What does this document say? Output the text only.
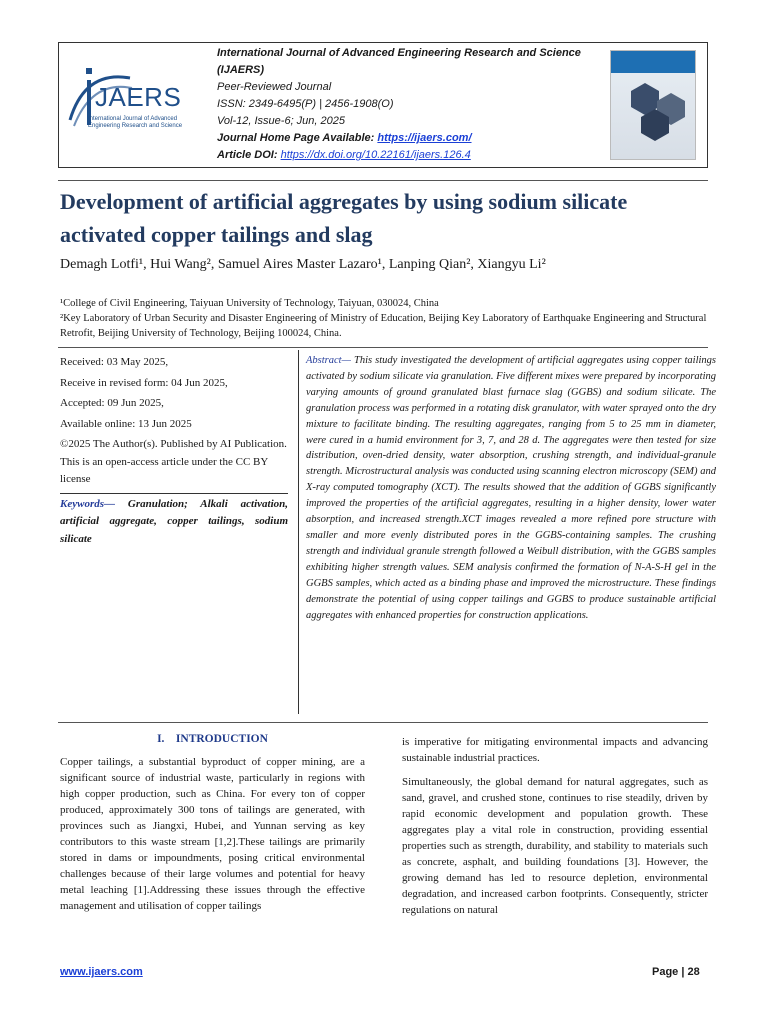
JAERS
International Journal of Advanced Engineering Research and Science
International Journal of Advanced Engineering Research and Science (IJAERS)
Peer-Reviewed Journal
ISSN: 2349-6495(P) | 2456-1908(O)
Vol-12, Issue-6; Jun, 2025
Journal Home Page Available: https://ijaers.com/
Article DOI: https://dx.doi.org/10.22161/ijaers.126.4
Development of artificial aggregates by using sodium silicate activated copper tailings and slag
Demagh Lotfi¹, Hui Wang², Samuel Aires Master Lazaro¹, Lanping Qian², Xiangyu Li²

¹College of Civil Engineering, Taiyuan University of Technology, Taiyuan, 030024, China

²Key Laboratory of Urban Security and Disaster Engineering of Ministry of Education, Beijing Key Laboratory of Earthquake Engineering and Structural Retrofit, Beijing University of Technology, Beijing 100024, China.

Received: 03 May 2025,

Receive in revised form: 04 Jun 2025,

Accepted: 09 Jun 2025,

Available online: 13 Jun 2025

©2025 The Author(s). Published by AI Publication. This is an open-access article under the CC BY license

Keywords— Granulation; Alkali activation, artificial aggregate, copper tailings, sodium silicate

Abstract— This study investigated the development of artificial aggregates using copper tailings activated by sodium silicate via granulation. Five different mixes were prepared by incorporating varying amounts of ground granulated blast furnace slag (GGBS) and sodium silicate. The granulation process was performed in a rotating disk granulator, with water sprayed onto the dry mixture to facilitate binding. The resulting aggregates, ranging from 5 to 25 mm in diameter, were cured in a humid environment for 3, 7, and 28 d. The aggregates were then tested for size distribution, oven-dried density, water absorption, crushing strength, and individual-granule strength. Microstructural analysis was conducted using scanning electron microscopy (SEM) and X-ray computed tomography (XCT). The results showed that the addition of GGBS significantly improved the properties of the artificial aggregates, resulting in a higher density, lower water absorption, and increased strength.XCT images revealed a more refined pore structure with smaller and more evenly distributed pores in the GGBS-containing samples. The crushing strength and individual granule strength followed a Weibull distribution, with the GGBS samples exhibiting higher strength values. SEM analysis confirmed the formation of N-A-S-H gel in the GGBS samples, which acted as a binding phase and improved the microstructure. These findings demonstrate the potential of using copper tailings and GGBS to produce sustainable artificial aggregates with enhanced properties for construction applications.
I.    INTRODUCTION

Copper tailings, a substantial byproduct of copper mining, are a significant source of industrial waste, particularly in regions with high copper production, such as China. For every ton of copper produced, approximately 300 tons of tailings are generated, with provinces such as Jiangxi, Hubei, and Yunnan serving as key contributors to this waste stream [1,2].These tailings are primarily stored in dams or impoundments, posing critical environmental challenges because of their large volumes and potential for heavy metal leaching [1].Addressing these issues through the effective management and utilisation of copper tailings

is imperative for mitigating environmental impacts and advancing sustainable industrial practices.

Simultaneously, the global demand for natural aggregates, such as sand, gravel, and crushed stone, continues to rise steadily, driven by rapid economic development and population growth. These aggregates play a vital role in construction, providing essential properties such as strength, durability, and stability to materials such as concrete, asphalt, and building foundations [3]. However, the growing demand has led to resource depletion, environmental degradation, and increased carbon footprints. Consequently, stricter regulations on natural

www.ijaers.com	Page | 28
